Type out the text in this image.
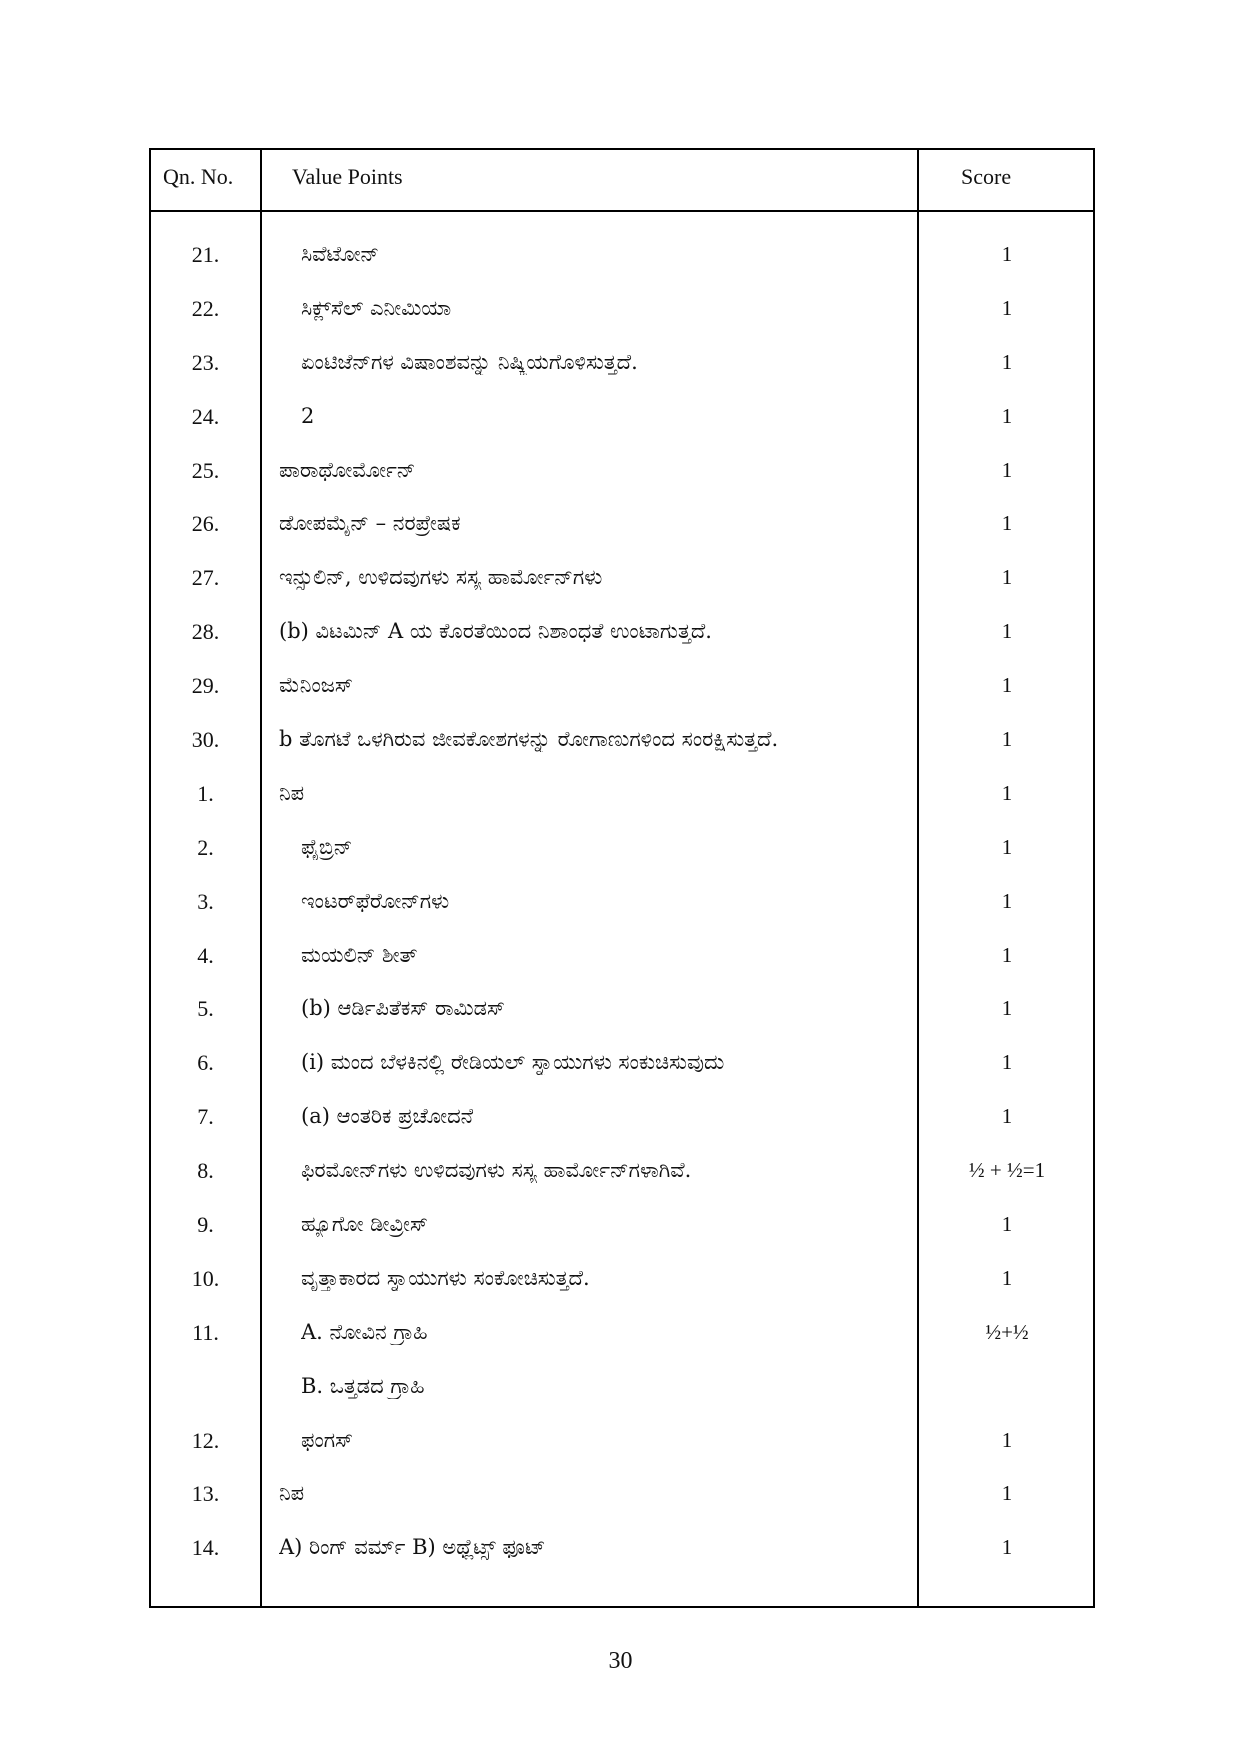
Qn. No.	Value Points	Score
21.	ಸಿವೆಟೋನ್	1
22.	ಸಿಕ್ಲ್‌ಸೆಲ್ ಎನೀಮಿಯಾ	1
23.	ಏಂಟಿಜೆನ್‌ಗಳ ವಿಷಾಂಶವನ್ನು ನಿಷ್ಕ್ರಿಯಗೊಳಿಸುತ್ತದೆ.	1
24.	2	1
25.	ಪಾರಾಥೋರ್ಮೋನ್	1
26.	ಡೋಪಮೈನ್ – ನರಪ್ರೇಷಕ	1
27.	ಇನ್ಸುಲಿನ್, ಉಳಿದವುಗಳು ಸಸ್ಯ ಹಾರ್ಮೋನ್‌ಗಳು	1
28.	(b) ವಿಟಮಿನ್ A ಯ ಕೊರತೆಯಿಂದ ನಿಶಾಂಧತೆ ಉಂಟಾಗುತ್ತದೆ.	1
29.	ಮೆನಿಂಜಸ್	1
30.	b ತೊಗಟೆ ಒಳಗಿರುವ ಜೀವಕೋಶಗಳನ್ನು ರೋಗಾಣುಗಳಿಂದ ಸಂರಕ್ಷಿಸುತ್ತದೆ.	1
1.	ನಿಪ	1
2.	ಫೈಬ್ರಿನ್	1
3.	ಇಂಟರ್‌ಫೆರೋನ್‌ಗಳು	1
4.	ಮಯಲಿನ್ ಶೀತ್	1
5.	(b) ಆರ್ಡಿಪಿತೆಕಸ್ ರಾಮಿಡಸ್	1
6.	(i) ಮಂದ ಬೆಳಕಿನಲ್ಲಿ ರೇಡಿಯಲ್ ಸ್ನಾಯುಗಳು ಸಂಕುಚಿಸುವುದು	1
7.	(a) ಆಂತರಿಕ ಪ್ರಚೋದನೆ	1
8.	ಫಿರಮೋನ್‌ಗಳು ಉಳಿದವುಗಳು ಸಸ್ಯ ಹಾರ್ಮೋನ್‌ಗಳಾಗಿವೆ.	½ + ½=1
9.	ಹ್ಯೂಗೋ ಡೀವ್ರೀಸ್	1
10.	ವೃತ್ತಾಕಾರದ ಸ್ನಾಯುಗಳು ಸಂಕೋಚಿಸುತ್ತದೆ.	1
11.	A. ನೋವಿನ ಗ್ರಾಹಿ	½+½
B. ಒತ್ತಡದ ಗ್ರಾಹಿ
12.	ಫಂಗಸ್	1
13.	ನಿಪ	1
14.	A) ರಿಂಗ್ ವರ್ಮ್ B) ಅಥ್ಲೆಟ್ಸ್ ಫೂಟ್	1
30
